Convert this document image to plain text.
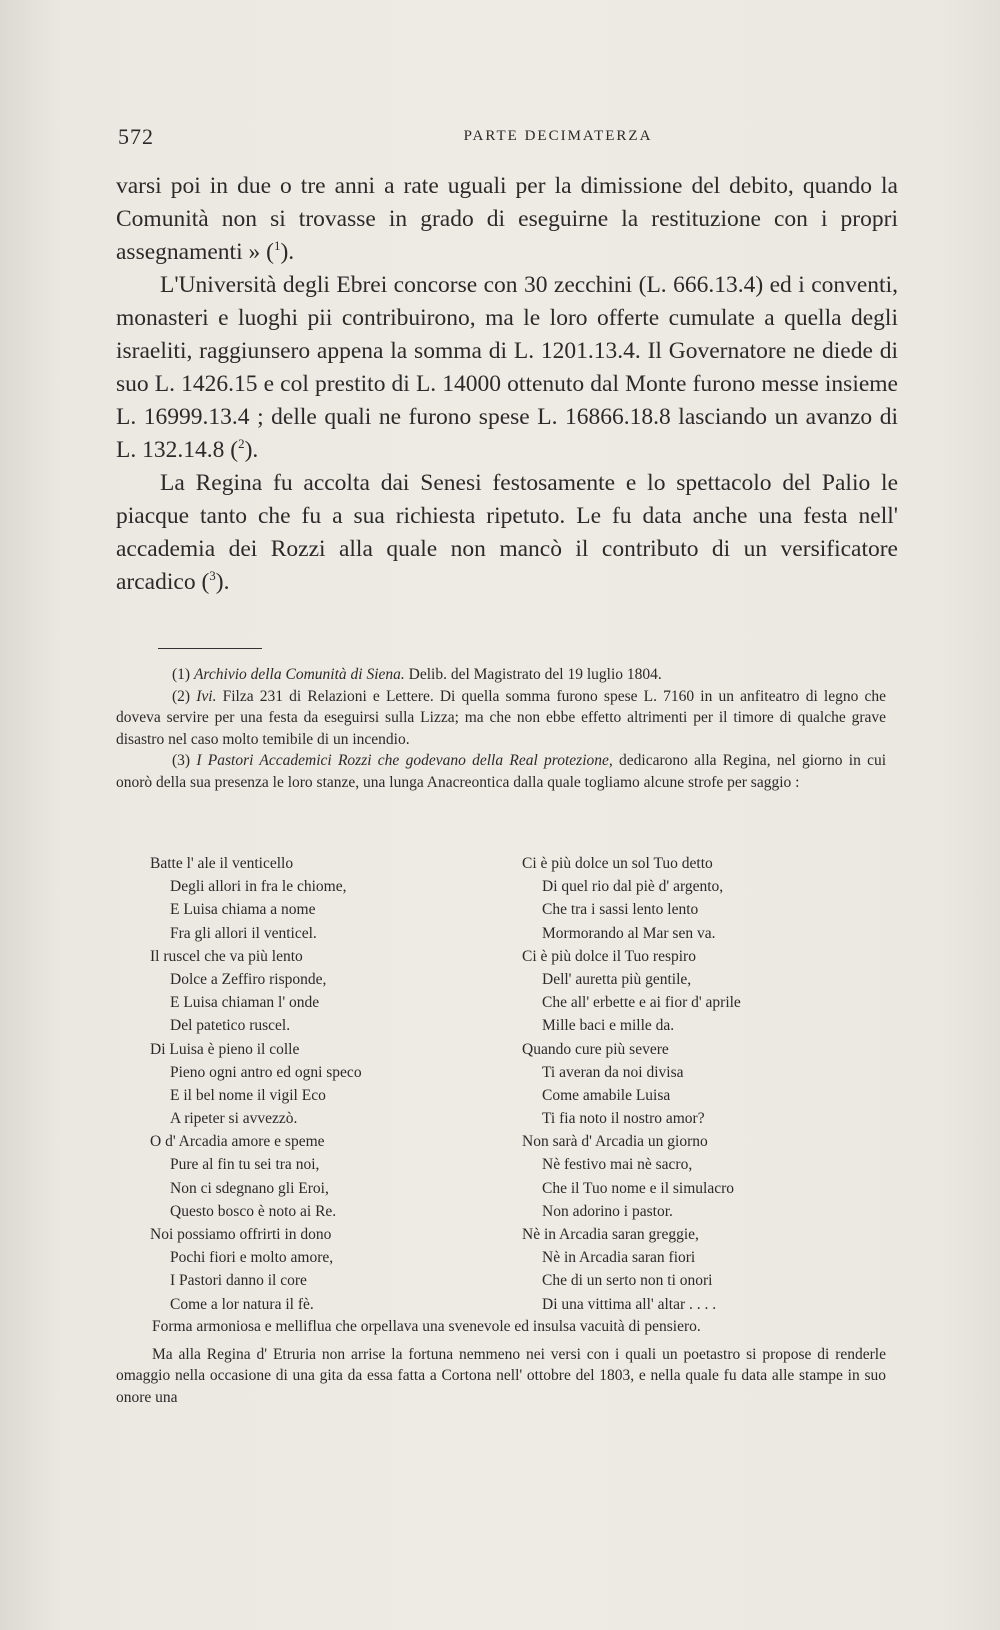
572	PARTE DECIMATERZA

varsi poi in due o tre anni a rate uguali per la dimissione del debito, quando la Comunità non si trovasse in grado di eseguirne la restituzione con i propri assegnamenti » ($^1$).

L'Università degli Ebrei concorse con 30 zecchini (L. 666.13.4) ed i conventi, monasteri e luoghi pii contribuirono, ma le loro offerte cumulate a quella degli israeliti, raggiunsero appena la somma di L. 1201.13.4. Il Governatore ne diede di suo L. 1426.15 e col prestito di L. 14000 ottenuto dal Monte furono messe insieme L. 16999.13.4 ; delle quali ne furono spese L. 16866.18.8 lasciando un avanzo di L. 132.14.8 ($^2$).

La Regina fu accolta dai Senesi festosamente e lo spettacolo del Palio le piacque tanto che fu a sua richiesta ripetuto. Le fu data anche una festa nell' accademia dei Rozzi alla quale non mancò il contributo di un versificatore arcadico ($^3$).

(1) Archivio della Comunità di Siena. Delib. del Magistrato del 19 luglio 1804.

(2) Ivi. Filza 231 di Relazioni e Lettere. Di quella somma furono spese L. 7160 in un anfiteatro di legno che doveva servire per una festa da eseguirsi sulla Lizza; ma che non ebbe effetto altrimenti per il timore di qualche grave disastro nel caso molto temibile di un incendio.

(3) I Pastori Accademici Rozzi che godevano della Real protezione, dedicarono alla Regina, nel giorno in cui onorò della sua presenza le loro stanze, una lunga Anacreontica dalla quale togliamo alcune strofe per saggio :

Batte l' ale il venticello
Degli allori in fra le chiome,
E Luisa chiama a nome
Fra gli allori il venticel.
Il ruscel che va più lento
Dolce a Zeffiro risponde,
E Luisa chiaman l' onde
Del patetico ruscel.
Di Luisa è pieno il colle
Pieno ogni antro ed ogni speco
E il bel nome il vigil Eco
A ripeter si avvezzò.
O d' Arcadia amore e speme
Pure al fin tu sei tra noi,
Non ci sdegnano gli Eroi,
Questo bosco è noto ai Re.
Noi possiamo offrirti in dono
Pochi fiori e molto amore,
I Pastori danno il core
Come a lor natura il fè.
Ci è più dolce un sol Tuo detto
Di quel rio dal piè d' argento,
Che tra i sassi lento lento
Mormorando al Mar sen va.
Ci è più dolce il Tuo respiro
Dell' auretta più gentile,
Che all' erbette e ai fior d' aprile
Mille baci e mille da.
Quando cure più severe
Ti averan da noi divisa
Come amabile Luisa
Ti fia noto il nostro amor?
Non sarà d' Arcadia un giorno
Nè festivo mai nè sacro,
Che il Tuo nome e il simulacro
Non adorino i pastor.
Nè in Arcadia saran greggie,
Nè in Arcadia saran fiori
Che di un serto non ti onori
Di una vittima all' altar . . . .

Forma armoniosa e melliflua che orpellava una svenevole ed insulsa vacuità di pensiero.

Ma alla Regina d' Etruria non arrise la fortuna nemmeno nei versi con i quali un poetastro si propose di renderle omaggio nella occasione di una gita da essa fatta a Cortona nell' ottobre del 1803, e nella quale fu data alle stampe in suo onore una
